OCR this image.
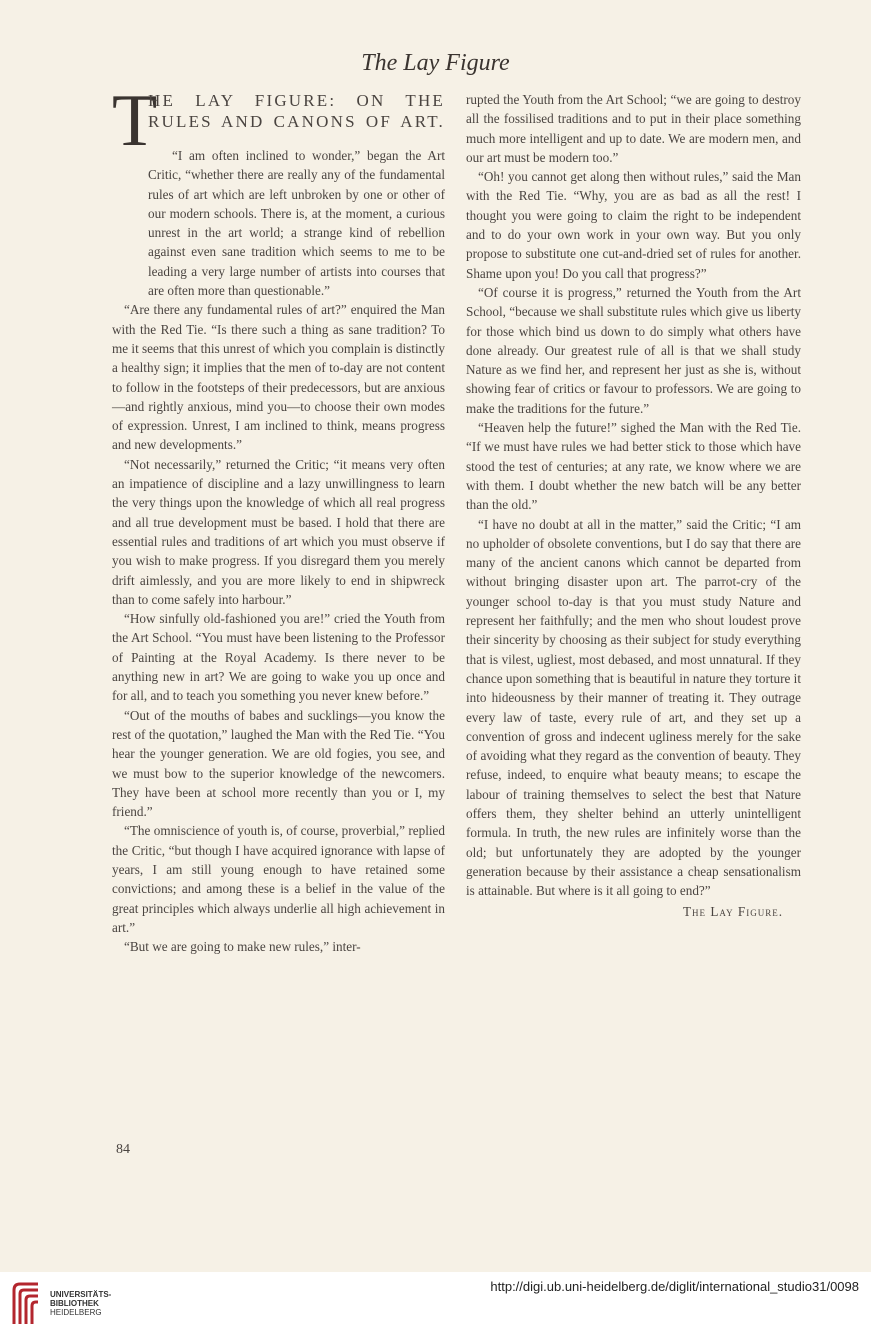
The Lay Figure
T
HE LAY FIGURE: ON THE RULES AND CANONS OF ART.

“I am often inclined to wonder,” began the Art Critic, “whether there are really any of the fundamental rules of art which are left unbroken by one or other of our modern schools. There is, at the moment, a curious unrest in the art world; a strange kind of rebellion against even sane tradition which seems to me to be leading a very large number of artists into courses that are often more than questionable.”

“Are there any fundamental rules of art?” enquired the Man with the Red Tie. “Is there such a thing as sane tradition? To me it seems that this unrest of which you complain is distinctly a healthy sign; it implies that the men of to-day are not content to follow in the footsteps of their predecessors, but are anxious—and rightly anxious, mind you—to choose their own modes of expression. Unrest, I am inclined to think, means progress and new developments.”

“Not necessarily,” returned the Critic; “it means very often an impatience of discipline and a lazy unwillingness to learn the very things upon the knowledge of which all real progress and all true development must be based. I hold that there are essential rules and traditions of art which you must observe if you wish to make progress. If you disregard them you merely drift aimlessly, and you are more likely to end in shipwreck than to come safely into harbour.”

“How sinfully old-fashioned you are!” cried the Youth from the Art School. “You must have been listening to the Professor of Painting at the Royal Academy. Is there never to be anything new in art? We are going to wake you up once and for all, and to teach you something you never knew before.”

“Out of the mouths of babes and sucklings—you know the rest of the quotation,” laughed the Man with the Red Tie. “You hear the younger generation. We are old fogies, you see, and we must bow to the superior knowledge of the newcomers. They have been at school more recently than you or I, my friend.”

“The omniscience of youth is, of course, proverbial,” replied the Critic, “but though I have acquired ignorance with lapse of years, I am still young enough to have retained some convictions; and among these is a belief in the value of the great principles which always underlie all high achievement in art.”

“But we are going to make new rules,” inter-

rupted the Youth from the Art School; “we are going to destroy all the fossilised traditions and to put in their place something much more intelligent and up to date. We are modern men, and our art must be modern too.”

“Oh! you cannot get along then without rules,” said the Man with the Red Tie. “Why, you are as bad as all the rest! I thought you were going to claim the right to be independent and to do your own work in your own way. But you only propose to substitute one cut-and-dried set of rules for another. Shame upon you! Do you call that progress?”

“Of course it is progress,” returned the Youth from the Art School, “because we shall substitute rules which give us liberty for those which bind us down to do simply what others have done already. Our greatest rule of all is that we shall study Nature as we find her, and represent her just as she is, without showing fear of critics or favour to professors. We are going to make the traditions for the future.”

“Heaven help the future!” sighed the Man with the Red Tie. “If we must have rules we had better stick to those which have stood the test of centuries; at any rate, we know where we are with them. I doubt whether the new batch will be any better than the old.”

“I have no doubt at all in the matter,” said the Critic; “I am no upholder of obsolete conventions, but I do say that there are many of the ancient canons which cannot be departed from without bringing disaster upon art. The parrot-cry of the younger school to-day is that you must study Nature and represent her faithfully; and the men who shout loudest prove their sincerity by choosing as their subject for study everything that is vilest, ugliest, most debased, and most unnatural. If they chance upon something that is beautiful in nature they torture it into hideousness by their manner of treating it. They outrage every law of taste, every rule of art, and they set up a convention of gross and indecent ugliness merely for the sake of avoiding what they regard as the convention of beauty. They refuse, indeed, to enquire what beauty means; to escape the labour of training themselves to select the best that Nature offers them, they shelter behind an utterly unintelligent formula. In truth, the new rules are infinitely worse than the old; but unfortunately they are adopted by the younger generation because by their assistance a cheap sensationalism is attainable. But where is it all going to end?”

The Lay Figure.
84
UNIVERSITÄTS-
BIBLIOTHEK
HEIDELBERG
http://digi.ub.uni-heidelberg.de/diglit/international_studio31/0098
